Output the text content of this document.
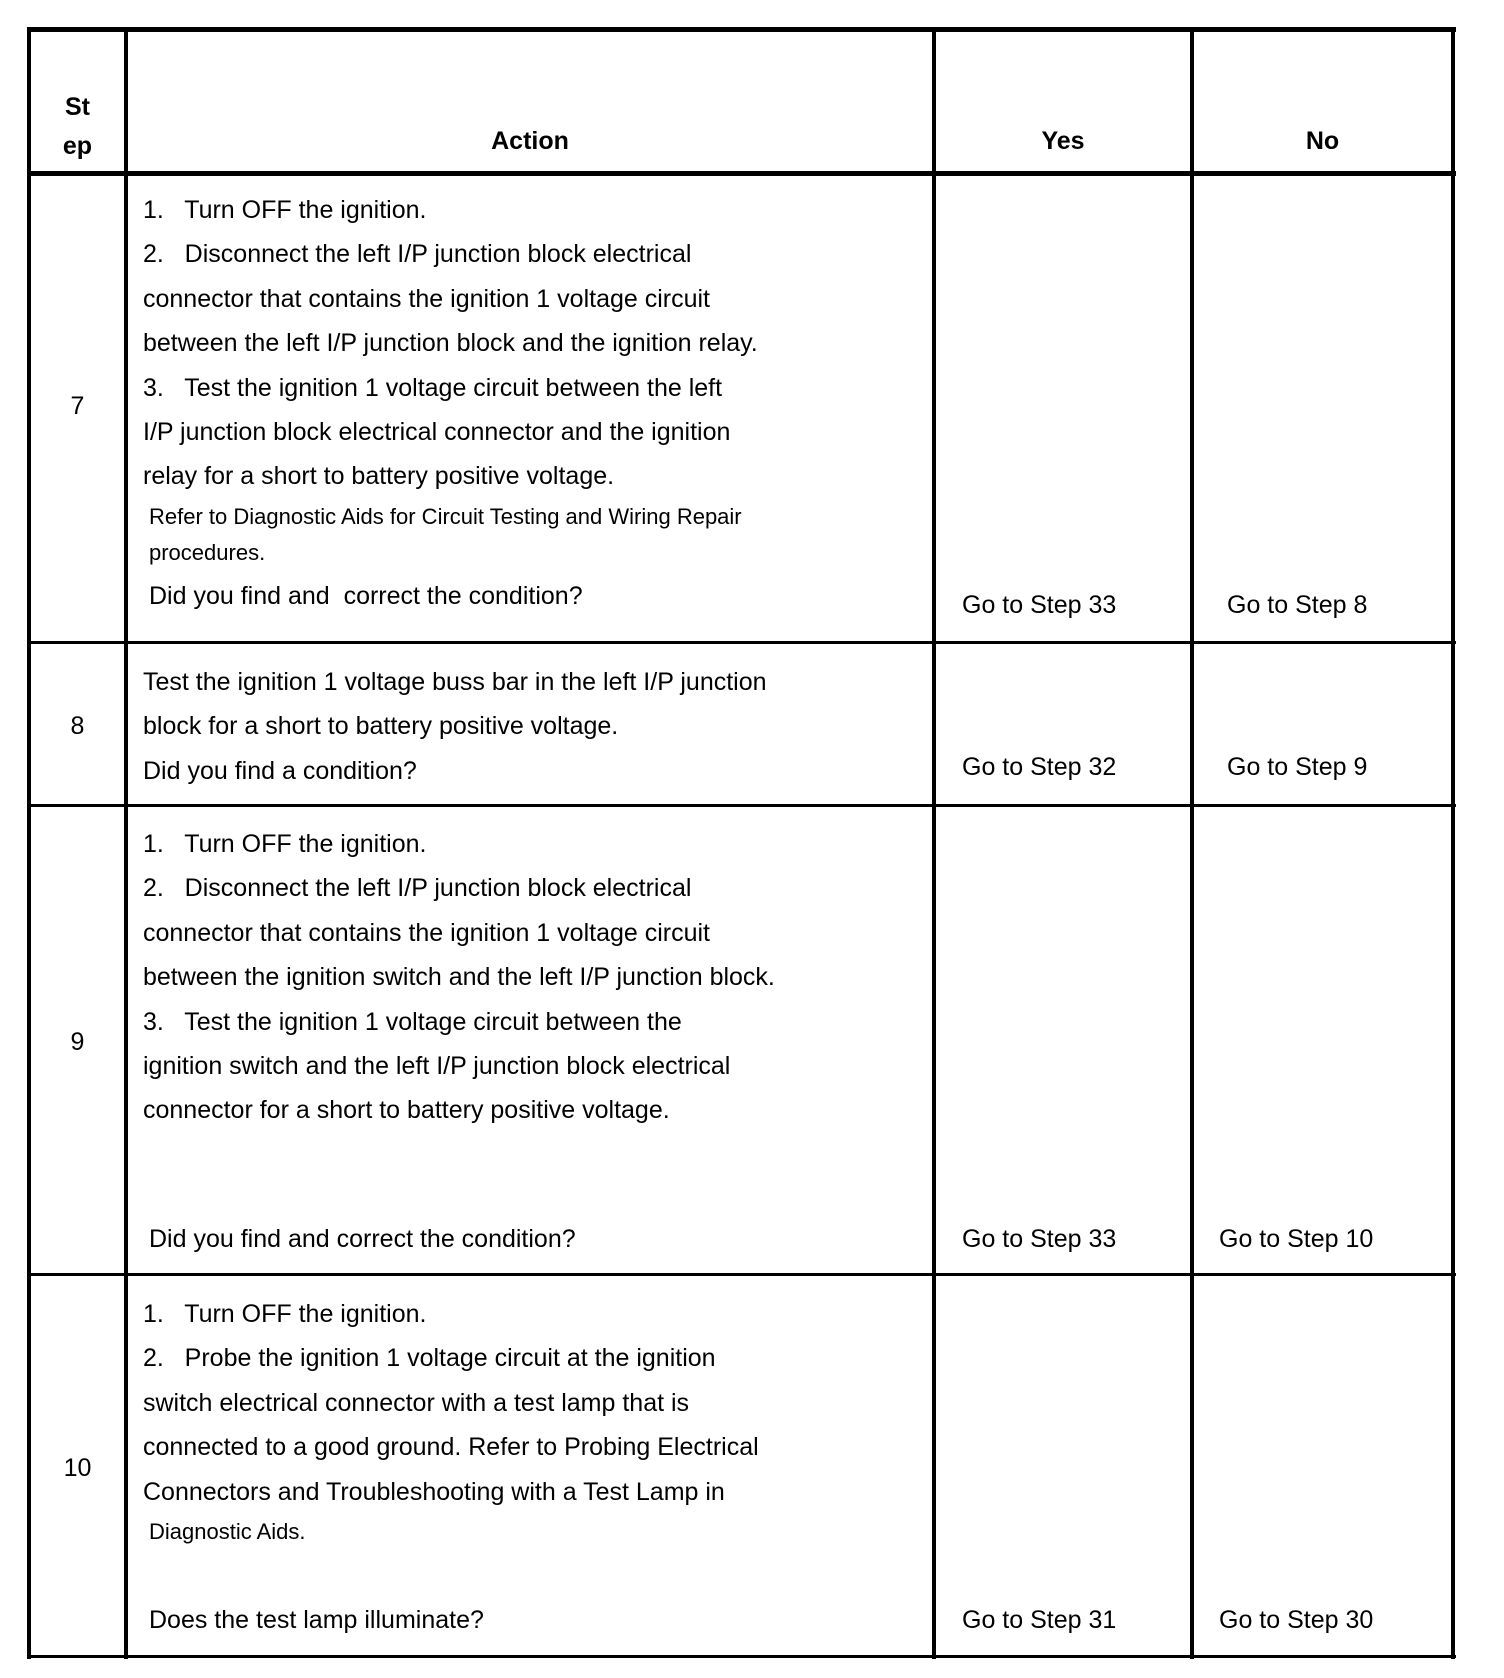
St
ep	Action	Yes	No
7
1.   Turn OFF the ignition.
2.   Disconnect the left I/P junction block electrical
connector that contains the ignition 1 voltage circuit
between the left I/P junction block and the ignition relay.
3.   Test the ignition 1 voltage circuit between the left
I/P junction block electrical connector and the ignition
relay for a short to battery positive voltage.
Refer to Diagnostic Aids for Circuit Testing and Wiring Repair
procedures.
Did you find and  correct the condition?	Go to Step 33	Go to Step 8
8
Test the ignition 1 voltage buss bar in the left I/P junction
block for a short to battery positive voltage.
Did you find a condition?	Go to Step 32	Go to Step 9
9
1.   Turn OFF the ignition.
2.   Disconnect the left I/P junction block electrical
connector that contains the ignition 1 voltage circuit
between the ignition switch and the left I/P junction block.
3.   Test the ignition 1 voltage circuit between the
ignition switch and the left I/P junction block electrical
connector for a short to battery positive voltage.
Did you find and correct the condition?	Go to Step 33	Go to Step 10
10
1.   Turn OFF the ignition.
2.   Probe the ignition 1 voltage circuit at the ignition
switch electrical connector with a test lamp that is
connected to a good ground. Refer to Probing Electrical
Connectors and Troubleshooting with a Test Lamp in
Diagnostic Aids.
Does the test lamp illuminate?	Go to Step 31	Go to Step 30
